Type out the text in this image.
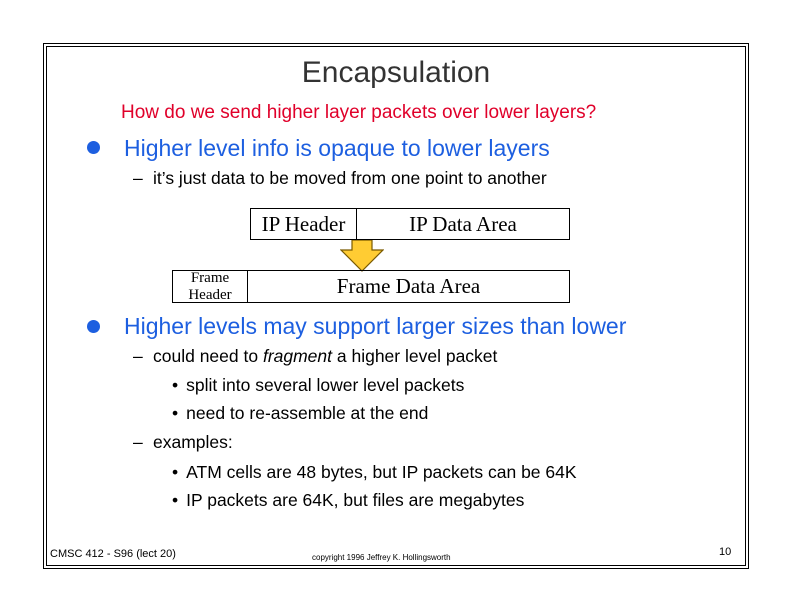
Encapsulation
How do we send higher layer packets over lower layers?
Higher level info is opaque to lower layers
– it’s just data to be moved from one point to another
IP Header	IP Data Area
Frame
Header	Frame Data Area
Higher levels may support larger sizes than lower
– could need to fragment a higher level packet
• split into several lower level packets
• need to re-assemble at the end
– examples:
• ATM cells are 48 bytes, but IP packets can be 64K
• IP packets are 64K, but files are megabytes
CMSC 412 - S96 (lect 20)	copyright 1996 Jeffrey K. Hollingsworth	10
